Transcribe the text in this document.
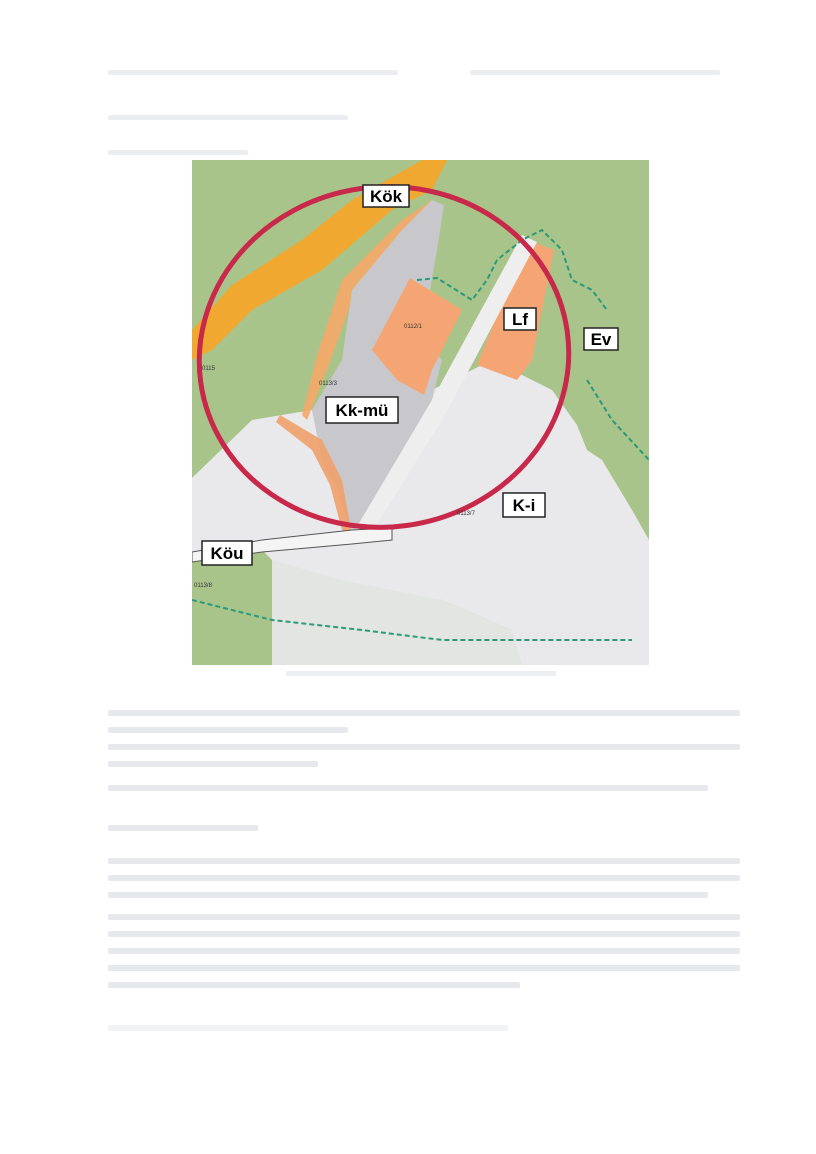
0113/3
0113/7
0113/8
0112/1
0115
Kök
Lf
Ev
Kk-mü
K-i
Köu
